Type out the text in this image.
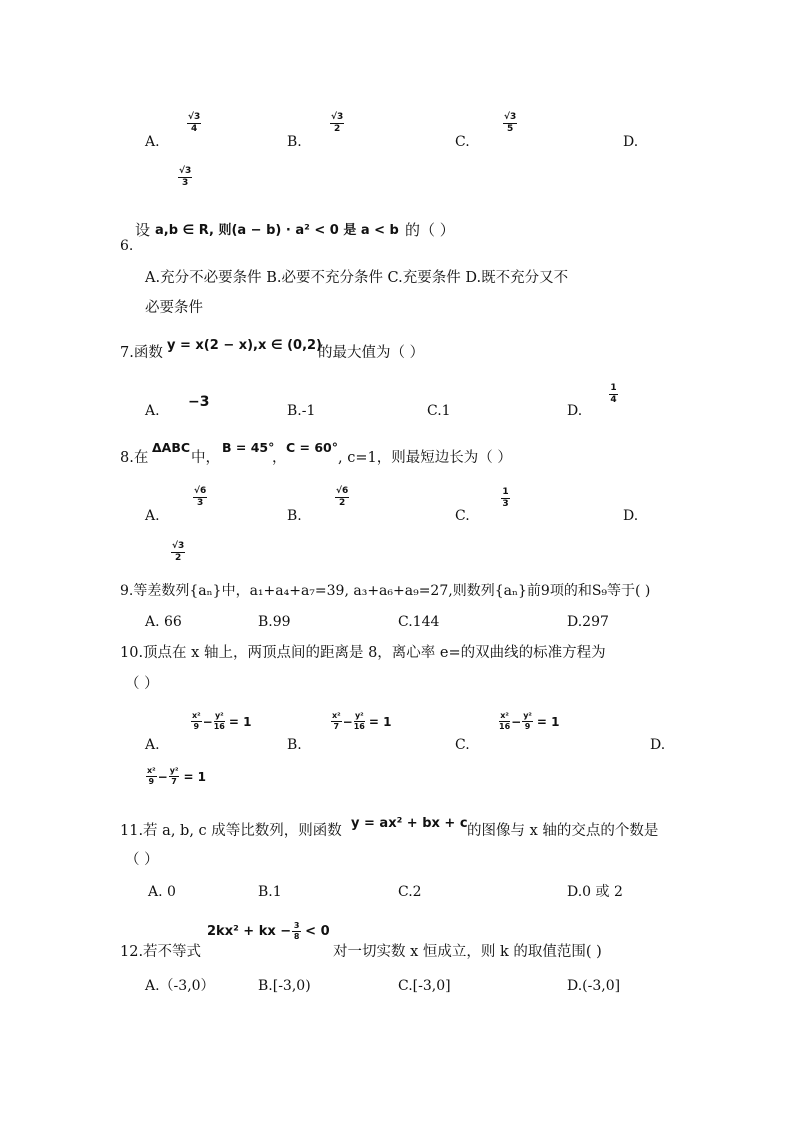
A.
√3
4
B.
√3
2
C.
√3
5
D.
√3
3
设 a,b ∈ R, 则(a − b) · a² < 0 是 a < b 的（ ）
6.
A.充分不必要条件 B.必要不充分条件 C.充要条件 D.既不充分又不
必要条件
7.函数 y = x(2 − x),x ∈ (0,2)
的最大值为（ ）
A.
−3
B.-1	C.1	D.
1
4
8.在
ΔABC
中，
B = 45°
，
C = 60°
, c=1，则最短边长为（ ）
A.
√6
3
B.
√6
2
C.
1
3
D.
√3
2
9.等差数列{aₙ}中，a₁+a₄+a₇=39, a₃+a₆+a₉=27,则数列{aₙ}前9项的和S₉等于( )
A. 66	B.99	C.144	D.297
10.顶点在 x 轴上，两顶点间的距离是 8，离心率 e=的双曲线的标准方程为
（ ）
A.
$\frac{\text{x²}}{9} - \frac{\text{y²}}{16} = 1$
B.
$\frac{\text{x²}}{7} - \frac{\text{y²}}{16} = 1$
C.
$\frac{\text{x²}}{16} - \frac{\text{y²}}{9} = 1$
D.
$\frac{\text{x²}}{9} - \frac{\text{y²}}{7} = 1$
11.若 a, b, c 成等比数列，则函数 y = ax² + bx + c 的图像与 x 轴的交点的个数是
（ ）
A. 0	B.1	C.2	D.0 或 2
12.若不等式
2kx² + kx − $\frac{3}{8} < 0$
对一切实数 x 恒成立，则 k 的取值范围( )
A.（-3,0）	B.[-3,0)	C.[-3,0]	D.(-3,0]
